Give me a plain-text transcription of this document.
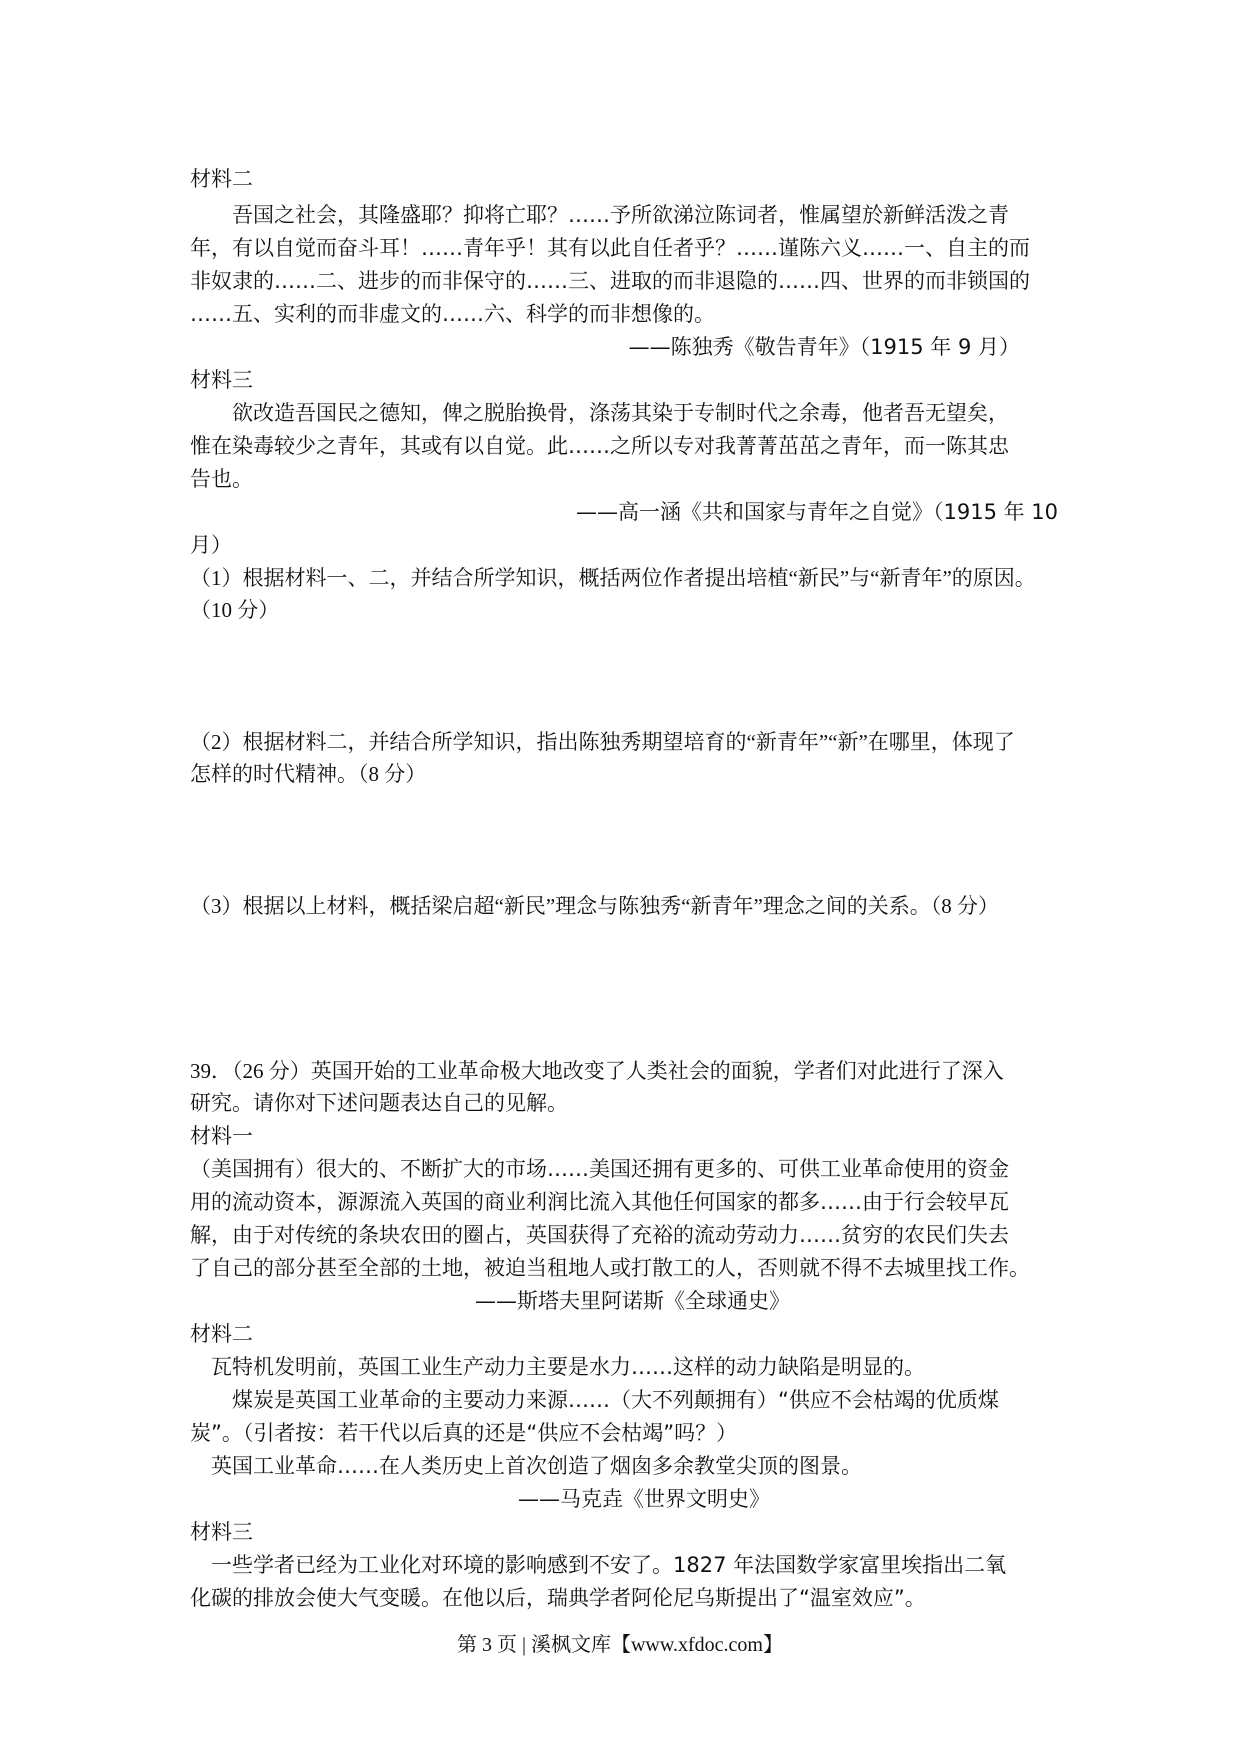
材料二
　　吾国之社会，其隆盛耶？抑将亡耶？……予所欲涕泣陈词者，惟属望於新鲜活泼之青
年，有以自觉而奋斗耳！……青年乎！其有以此自任者乎？……谨陈六义……一、自主的而
非奴隶的……二、进步的而非保守的……三、进取的而非退隐的……四、世界的而非锁国的
……五、实利的而非虚文的……六、科学的而非想像的。
——陈独秀《敬告青年》（1915 年 9 月）
材料三
　　欲改造吾国民之德知，俾之脱胎换骨，涤荡其染于专制时代之余毒，他者吾无望矣，
惟在染毒较少之青年，其或有以自觉。此……之所以专对我菁菁茁茁之青年，而一陈其忠
告也。
——高一涵《共和国家与青年之自觉》（1915 年 10
月）
（1）根据材料一、二，并结合所学知识，概括两位作者提出培植“新民”与“新青年”的原因。
（10 分）
（2）根据材料二，并结合所学知识，指出陈独秀期望培育的“新青年”“新”在哪里，体现了
怎样的时代精神。（8 分）
（3）根据以上材料，概括梁启超“新民”理念与陈独秀“新青年”理念之间的关系。（8 分）
39．（26 分）英国开始的工业革命极大地改变了人类社会的面貌，学者们对此进行了深入
研究。请你对下述问题表达自己的见解。
材料一
（美国拥有）很大的、不断扩大的市场……美国还拥有更多的、可供工业革命使用的资金
用的流动资本，源源流入英国的商业利润比流入其他任何国家的都多……由于行会较早瓦
解，由于对传统的条块农田的圈占，英国获得了充裕的流动劳动力……贫穷的农民们失去
了自己的部分甚至全部的土地，被迫当租地人或打散工的人，否则就不得不去城里找工作。
——斯塔夫里阿诺斯《全球通史》
材料二
　瓦特机发明前，英国工业生产动力主要是水力……这样的动力缺陷是明显的。
　　煤炭是英国工业革命的主要动力来源……（大不列颠拥有）“供应不会枯竭的优质煤
炭”。（引者按：若干代以后真的还是“供应不会枯竭”吗？）
　英国工业革命……在人类历史上首次创造了烟囱多余教堂尖顶的图景。
——马克垚《世界文明史》
材料三
　一些学者已经为工业化对环境的影响感到不安了。1827 年法国数学家富里埃指出二氧
化碳的排放会使大气变暖。在他以后，瑞典学者阿伦尼乌斯提出了“温室效应”。
第 3 页 | 溪枫文库【www.xfdoc.com】
